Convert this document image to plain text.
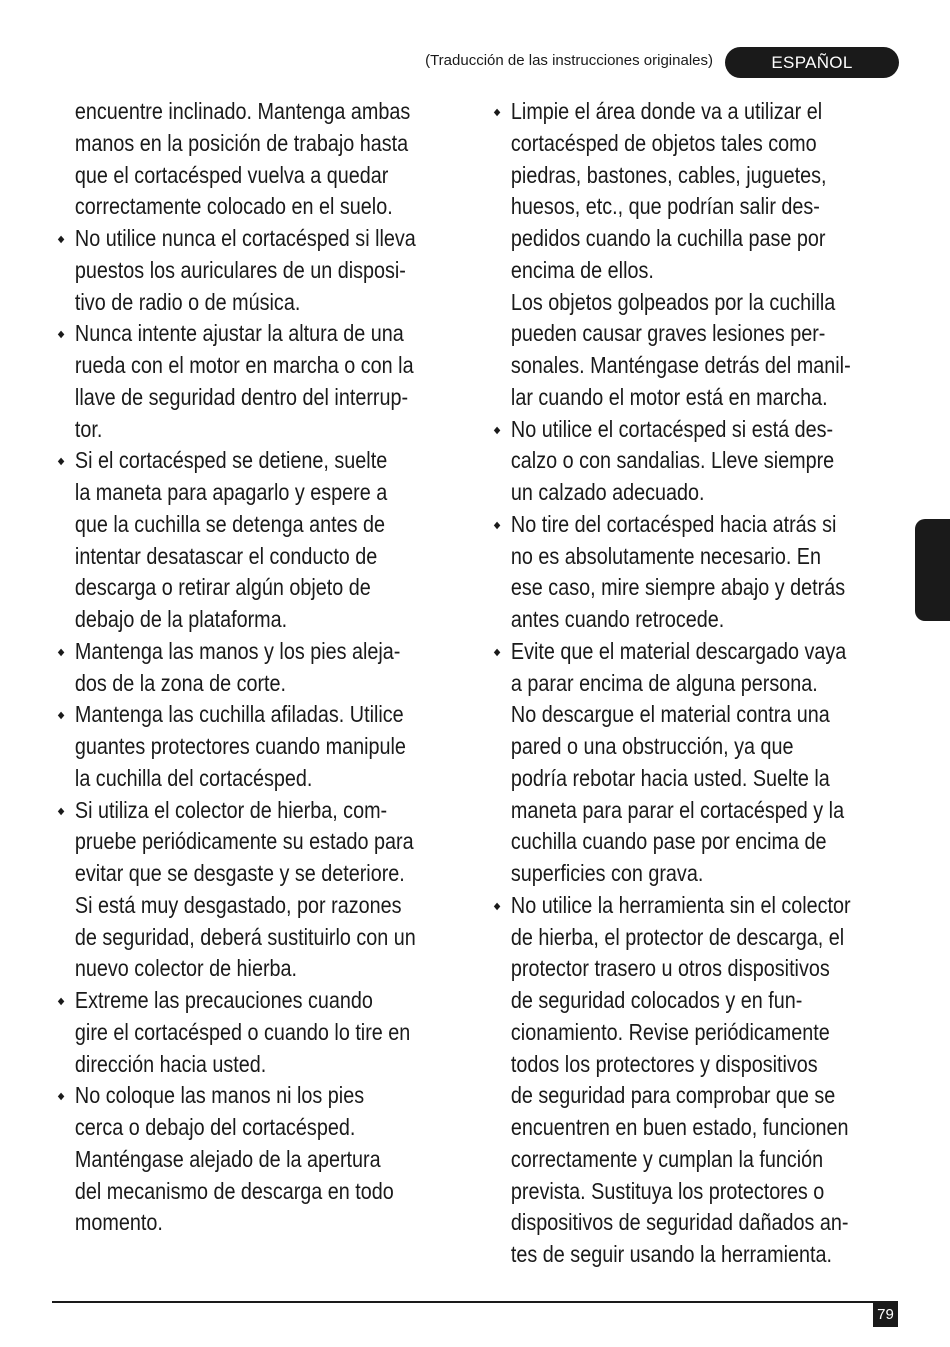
(Traducción de las instrucciones originales)	ESPAÑOL
encuentre inclinado. Mantenga ambas
manos en la posición de trabajo hasta
que el cortacésped vuelva a quedar
correctamente colocado en el suelo.
◆ No utilice nunca el cortacésped si lleva
puestos los auriculares de un disposi-
tivo de radio o de música.
◆ Nunca intente ajustar la altura de una
rueda con el motor en marcha o con la
llave de seguridad dentro del interrup-
tor.
◆ Si el cortacésped se detiene, suelte
la maneta para apagarlo y espere a
que la cuchilla se detenga antes de
intentar desatascar el conducto de
descarga o retirar algún objeto de
debajo de la plataforma.
◆ Mantenga las manos y los pies aleja-
dos de la zona de corte.
◆ Mantenga las cuchilla afiladas. Utilice
guantes protectores cuando manipule
la cuchilla del cortacésped.
◆ Si utiliza el colector de hierba, com-
pruebe periódicamente su estado para
evitar que se desgaste y se deteriore.
Si está muy desgastado, por razones
de seguridad, deberá sustituirlo con un
nuevo colector de hierba.
◆ Extreme las precauciones cuando
gire el cortacésped o cuando lo tire en
dirección hacia usted.
◆ No coloque las manos ni los pies
cerca o debajo del cortacésped.
Manténgase alejado de la apertura
del mecanismo de descarga en todo
momento.
◆ Limpie el área donde va a utilizar el
cortacésped de objetos tales como
piedras, bastones, cables, juguetes,
huesos, etc., que podrían salir des-
pedidos cuando la cuchilla pase por
encima de ellos.
Los objetos golpeados por la cuchilla
pueden causar graves lesiones per-
sonales. Manténgase detrás del manil-
lar cuando el motor está en marcha.
◆ No utilice el cortacésped si está des-
calzo o con sandalias. Lleve siempre
un calzado adecuado.
◆ No tire del cortacésped hacia atrás si
no es absolutamente necesario. En
ese caso, mire siempre abajo y detrás
antes cuando retrocede.
◆ Evite que el material descargado vaya
a parar encima de alguna persona.
No descargue el material contra una
pared o una obstrucción, ya que
podría rebotar hacia usted. Suelte la
maneta para parar el cortacésped y la
cuchilla cuando pase por encima de
superficies con grava.
◆ No utilice la herramienta sin el colector
de hierba, el protector de descarga, el
protector trasero u otros dispositivos
de seguridad colocados y en fun-
cionamiento. Revise periódicamente
todos los protectores y dispositivos
de seguridad para comprobar que se
encuentren en buen estado, funcionen
correctamente y cumplan la función
prevista. Sustituya los protectores o
dispositivos de seguridad dañados an-
tes de seguir usando la herramienta.
79
